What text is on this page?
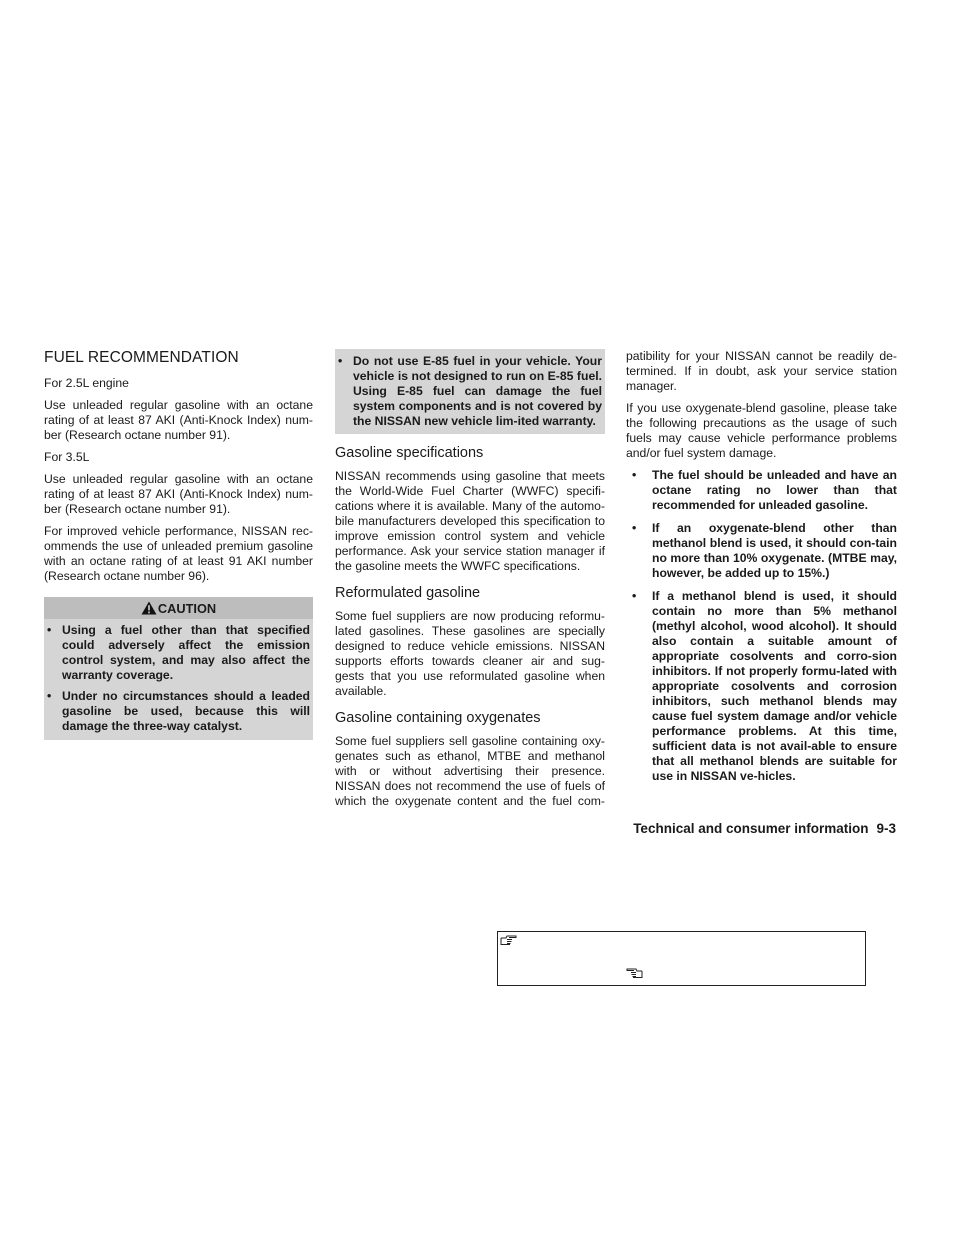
FUEL RECOMMENDATION

For 2.5L engine

Use unleaded regular gasoline with an octane rating of at least 87 AKI (Anti-Knock Index) num-ber (Research octane number 91).

For 3.5L

Use unleaded regular gasoline with an octane rating of at least 87 AKI (Anti-Knock Index) num-ber (Research octane number 91).

For improved vehicle performance, NISSAN rec-ommends the use of unleaded premium gasoline with an octane rating of at least 91 AKI number (Research octane number 96).

CAUTION
• Using a fuel other than that specified could adversely affect the emission control system, and may also affect the warranty coverage.
• Under no circumstances should a leaded gasoline be used, because this will damage the three-way catalyst.
• Do not use E-85 fuel in your vehicle. Your vehicle is not designed to run on E-85 fuel. Using E-85 fuel can damage the fuel system components and is not covered by the NISSAN new vehicle lim-ited warranty.
Gasoline specifications

NISSAN recommends using gasoline that meets the World-Wide Fuel Charter (WWFC) specifi-cations where it is available. Many of the automo-bile manufacturers developed this specification to improve emission control system and vehicle performance. Ask your service station manager if the gasoline meets the WWFC specifications.

Reformulated gasoline

Some fuel suppliers are now producing reformu-lated gasolines. These gasolines are specially designed to reduce vehicle emissions. NISSAN supports efforts towards cleaner air and sug-gests that you use reformulated gasoline when available.

Gasoline containing oxygenates

Some fuel suppliers sell gasoline containing oxy-genates such as ethanol, MTBE and methanol with or without advertising their presence. NISSAN does not recommend the use of fuels of which the oxygenate content and the fuel com-

patibility for your NISSAN cannot be readily de-termined. If in doubt, ask your service station manager.

If you use oxygenate-blend gasoline, please take the following precautions as the usage of such fuels may cause vehicle performance problems and/or fuel system damage.

• The fuel should be unleaded and have an octane rating no lower than that recommended for unleaded gasoline.
• If an oxygenate-blend other than methanol blend is used, it should con-tain no more than 10% oxygenate. (MTBE may, however, be added up to 15%.)
• If a methanol blend is used, it should contain no more than 5% methanol (methyl alcohol, wood alcohol). It should also contain a suitable amount of appropriate cosolvents and corro-sion inhibitors. If not properly formu-lated with appropriate cosolvents and corrosion inhibitors, such methanol blends may cause fuel system damage and/or vehicle performance problems. At this time, sufficient data is not avail-able to ensure that all methanol blends are suitable for use in NISSAN ve-hicles.
Technical and consumer information 9-3
